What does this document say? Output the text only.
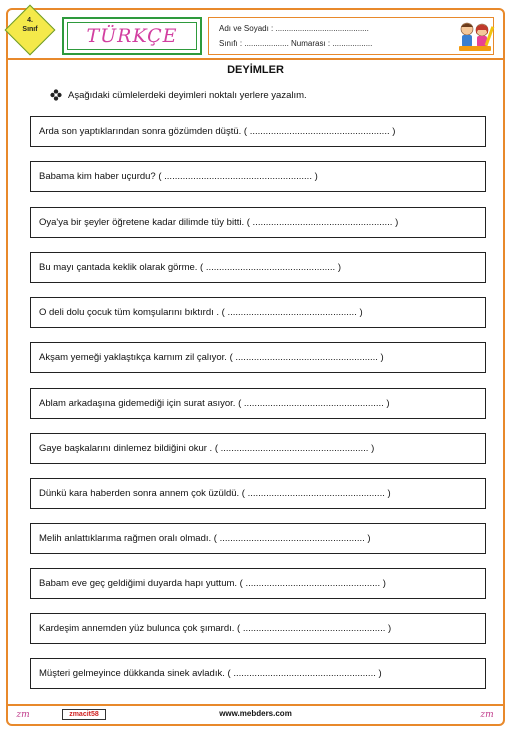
4.
Sınıf	TÜRKÇE	Adı ve Soyadı : ..........................................
Sınıfı : .................... Numarası : ..................
DEYİMLER
Aşağıdaki cümlelerdeki deyimleri noktalı yerlere yazalım.
Arda son yaptıklarından sonra gözümden düştü. ( ..................................................... )
Babama kim haber uçurdu? ( ........................................................ )
Oya'ya bir şeyler öğretene kadar dilimde tüy bitti. ( ..................................................... )
Bu mayı çantada keklik olarak görme. ( ................................................. )
O deli dolu çocuk tüm komşularını bıktırdı . ( ................................................. )
Akşam yemeği yaklaştıkça karnım zil çalıyor. ( ...................................................... )
Ablam arkadaşına gidemediği için surat asıyor. ( ..................................................... )
Gaye başkalarını dinlemez bildiğini okur . ( ........................................................ )
Dünkü kara haberden sonra annem çok üzüldü. ( .................................................... )
Melih anlattıklarıma rağmen oralı olmadı. ( ....................................................... )
Babam eve geç geldiğimi duyarda hapı yuttum. ( ................................................... )
Kardeşim annemden yüz bulunca çok şımardı. ( ...................................................... )
Müşteri gelmeyince dükkanda sinek avladık. ( ...................................................... )
zm	zmacit58	www.mebders.com	zm
